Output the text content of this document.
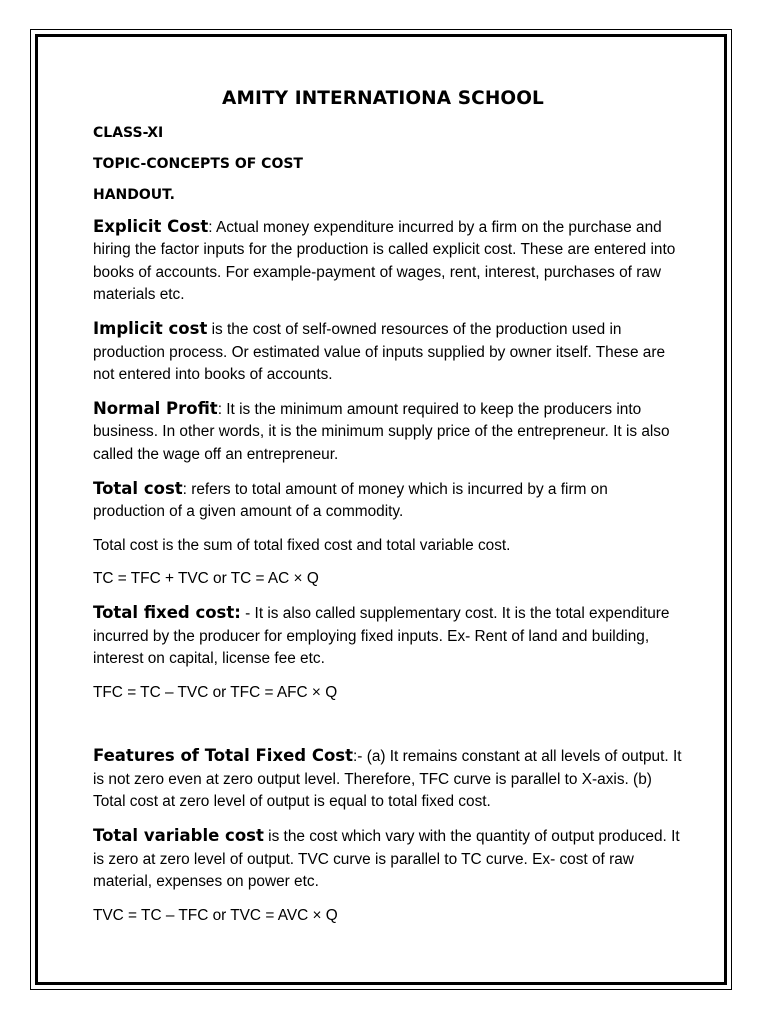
AMITY INTERNATIONA SCHOOL
CLASS-XI
TOPIC-CONCEPTS OF COST
HANDOUT.

Explicit Cost: Actual money expenditure incurred by a firm on the purchase and hiring the factor inputs for the production is called explicit cost. These are entered into books of accounts. For example-payment of wages, rent, interest, purchases of raw materials etc.

Implicit cost is the cost of self-owned resources of the production used in production process. Or estimated value of inputs supplied by owner itself. These are not entered into books of accounts.

Normal Profit: It is the minimum amount required to keep the producers into business. In other words, it is the minimum supply price of the entrepreneur. It is also called the wage off an entrepreneur.

Total cost: refers to total amount of money which is incurred by a firm on production of a given amount of a commodity.

Total cost is the sum of total fixed cost and total variable cost.

TC = TFC + TVC or TC = AC × Q

Total fixed cost: - It is also called supplementary cost. It is the total expenditure incurred by the producer for employing fixed inputs. Ex- Rent of land and building, interest on capital, license fee etc.

TFC = TC – TVC or TFC = AFC × Q

Features of Total Fixed Cost:- (a) It remains constant at all levels of output. It is not zero even at zero output level. Therefore, TFC curve is parallel to X-axis. (b) Total cost at zero level of output is equal to total fixed cost.

Total variable cost is the cost which vary with the quantity of output produced. It is zero at zero level of output. TVC curve is parallel to TC curve. Ex- cost of raw material, expenses on power etc.

TVC = TC – TFC or TVC = AVC × Q
